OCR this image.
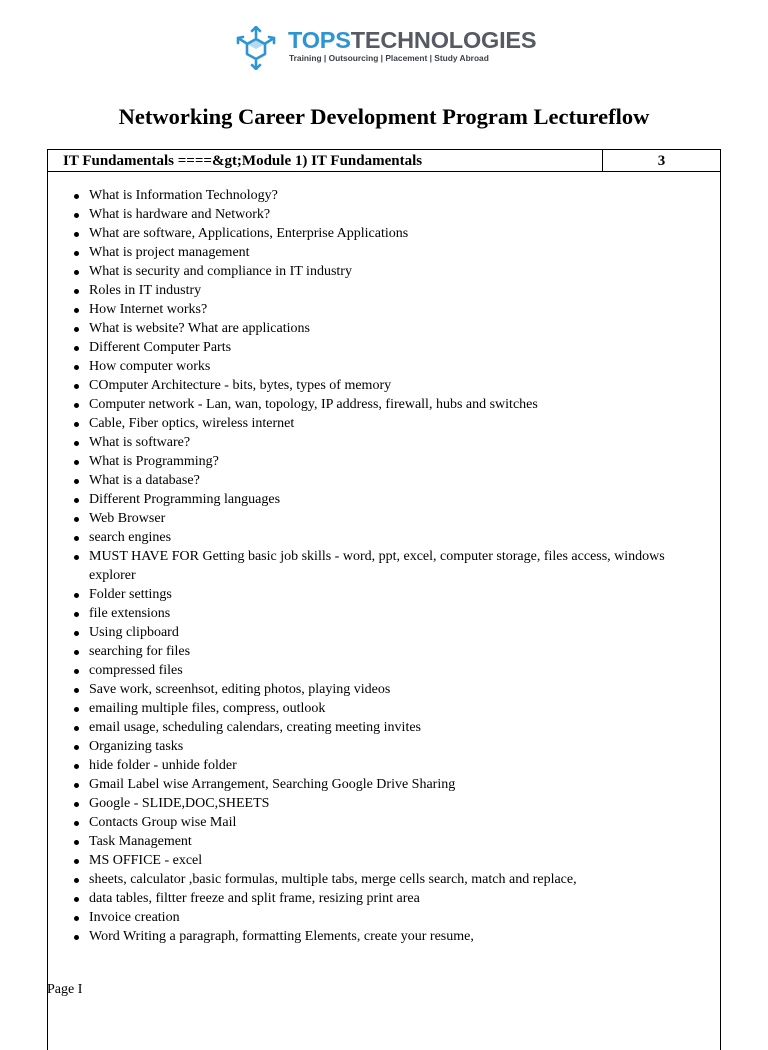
TOPSTECHNOLOGIES
Training | Outsourcing | Placement | Study Abroad
Networking Career Development Program Lectureflow
IT Fundamentals ====&gt;Module 1) IT Fundamentals	3
What is Information Technology?
What is hardware and Network?
What are software, Applications, Enterprise Applications
What is project management
What is security and compliance in IT industry
Roles in IT industry
How Internet works?
What is website? What are applications
Different Computer Parts
How computer works
COmputer Architecture - bits, bytes, types of memory
Computer network - Lan, wan, topology, IP address, firewall, hubs and switches
Cable, Fiber optics, wireless internet
What is software?
What is Programming?
What is a database?
Different Programming languages
Web Browser
search engines
MUST HAVE FOR Getting basic job skills - word, ppt, excel, computer storage, files access, windows explorer
Folder settings
file extensions
Using clipboard
searching for files
compressed files
Save work, screenhsot, editing photos, playing videos
emailing multiple files, compress, outlook
email usage, scheduling calendars, creating meeting invites
Organizing tasks
hide folder - unhide folder
Gmail Label wise Arrangement, Searching Google Drive Sharing
Google - SLIDE,DOC,SHEETS
Contacts Group wise Mail
Task Management
MS OFFICE - excel
sheets, calculator ,basic formulas, multiple tabs, merge cells search, match and replace,
data tables, filtter freeze and split frame, resizing print area
Invoice creation
Word Writing a paragraph, formatting Elements, create your resume,
Page I
